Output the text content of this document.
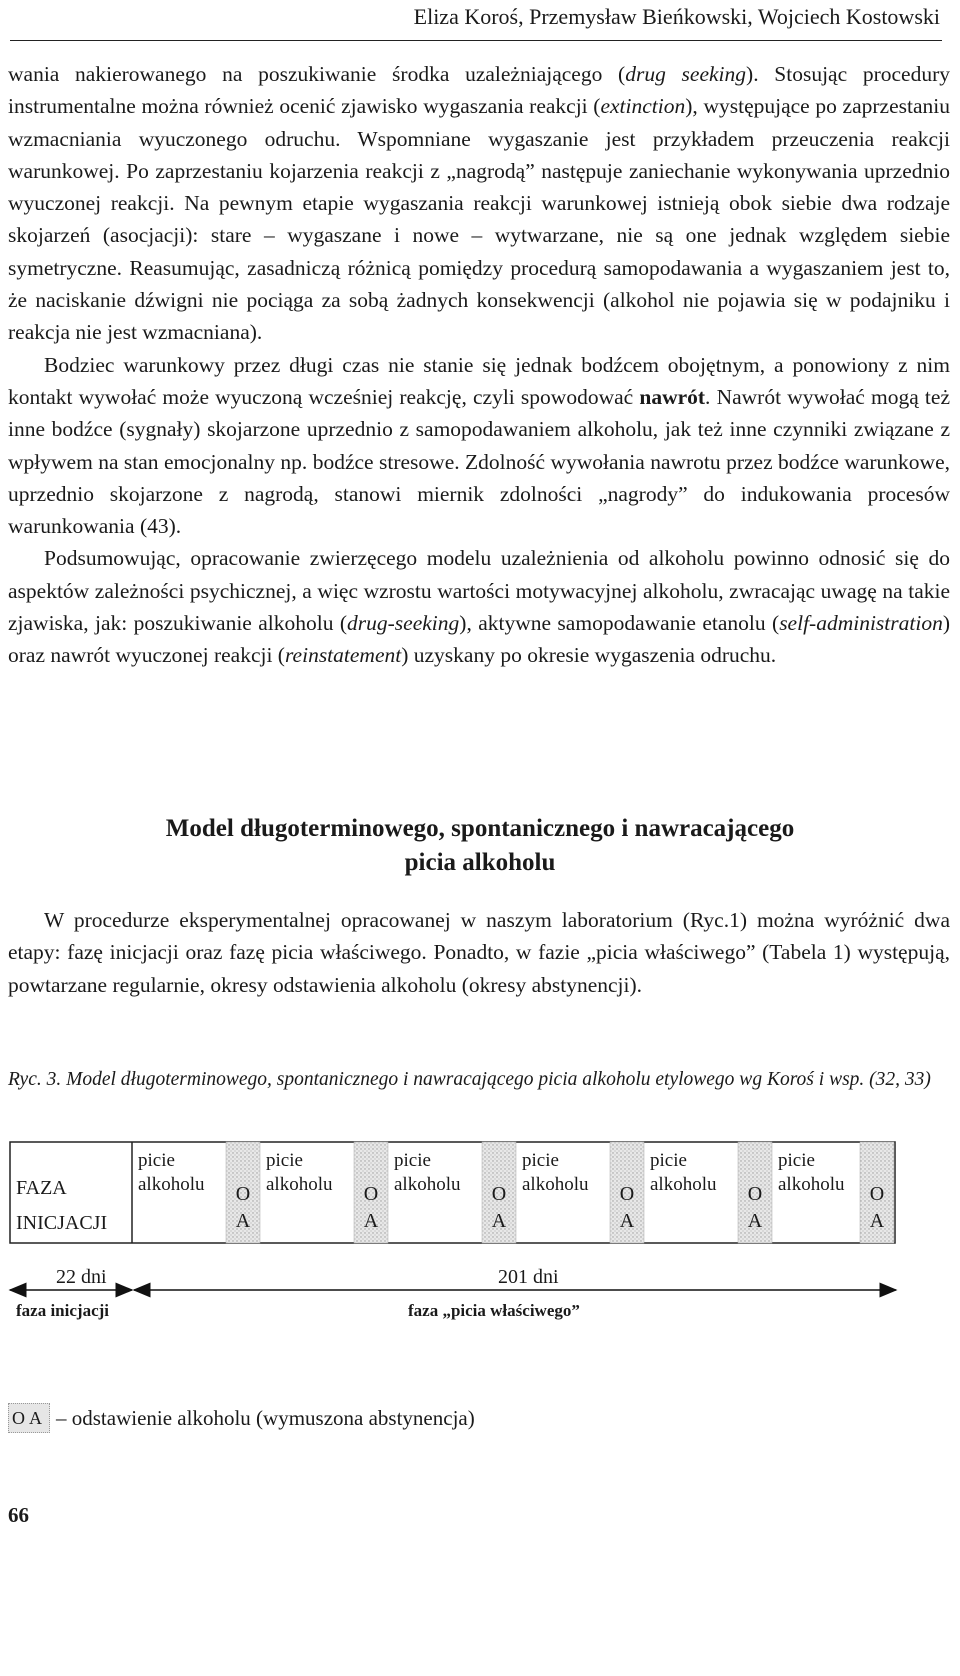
Eliza Koroś, Przemysław Bieńkowski, Wojciech Kostowski

wania nakierowanego na poszukiwanie środka uzależniającego (drug seeking). Stosując procedury instrumentalne można również ocenić zjawisko wygaszania reakcji (extinction), występujące po zaprzestaniu wzmacniania wyuczonego odruchu. Wspomniane wygaszanie jest przykładem przeuczenia reakcji warunkowej. Po zaprzestaniu kojarzenia reakcji z „nagrodą” następuje zaniechanie wykonywania uprzednio wyuczonej reakcji. Na pewnym etapie wygaszania reakcji warunkowej istnieją obok siebie dwa rodzaje skojarzeń (asocjacji): stare – wygaszane i nowe – wytwarzane, nie są one jednak względem siebie symetryczne. Reasumując, zasadniczą różnicą pomiędzy procedurą samopodawania a wygaszaniem jest to, że naciskanie dźwigni nie pociąga za sobą żadnych konsekwencji (alkohol nie pojawia się w podajniku i reakcja nie jest wzmacniana).

Bodziec warunkowy przez długi czas nie stanie się jednak bodźcem obojętnym, a ponowiony z nim kontakt wywołać może wyuczoną wcześniej reakcję, czyli spowodować nawrót. Nawrót wywołać mogą też inne bodźce (sygnały) skojarzone uprzednio z samopodawaniem alkoholu, jak też inne czynniki związane z wpływem na stan emocjonalny np. bodźce stresowe. Zdolność wywołania nawrotu przez bodźce warunkowe, uprzednio skojarzone z nagrodą, stanowi miernik zdolności „nagrody” do indukowania procesów warunkowania (43).

Podsumowując, opracowanie zwierzęcego modelu uzależnienia od alkoholu powinno odnosić się do aspektów zależności psychicznej, a więc wzrostu wartości motywacyjnej alkoholu, zwracając uwagę na takie zjawiska, jak: poszukiwanie alkoholu (drug-seeking), aktywne samopodawanie etanolu (self-administration) oraz nawrót wyuczonej reakcji (reinstatement) uzyskany po okresie wygaszenia odruchu.

Model długoterminowego, spontanicznego i nawracającego
picia alkoholu

W procedurze eksperymentalnej opracowanej w naszym laboratorium (Ryc.1) można wyróżnić dwa etapy: fazę inicjacji oraz fazę picia właściwego. Ponadto, w fazie „picia właściwego” (Tabela 1) występują, powtarzane regularnie, okresy odstawienia alkoholu (okresy abstynencji).

Ryc. 3. Model długoterminowego, spontanicznego i nawracającego picia alkoholu etylowego wg Koroś i wsp. (32, 33)
FAZA
INICJACJI
picie
alkoholu O
A
picie
alkoholu O
A
picie
alkoholu O
A
picie
alkoholu O
A
picie
alkoholu O
A
picie
alkoholu O
A
22 dni	201 dni
faza inicjacji	faza „picia właściwego”
OA – odstawienie alkoholu (wymuszona abstynencja)
66
